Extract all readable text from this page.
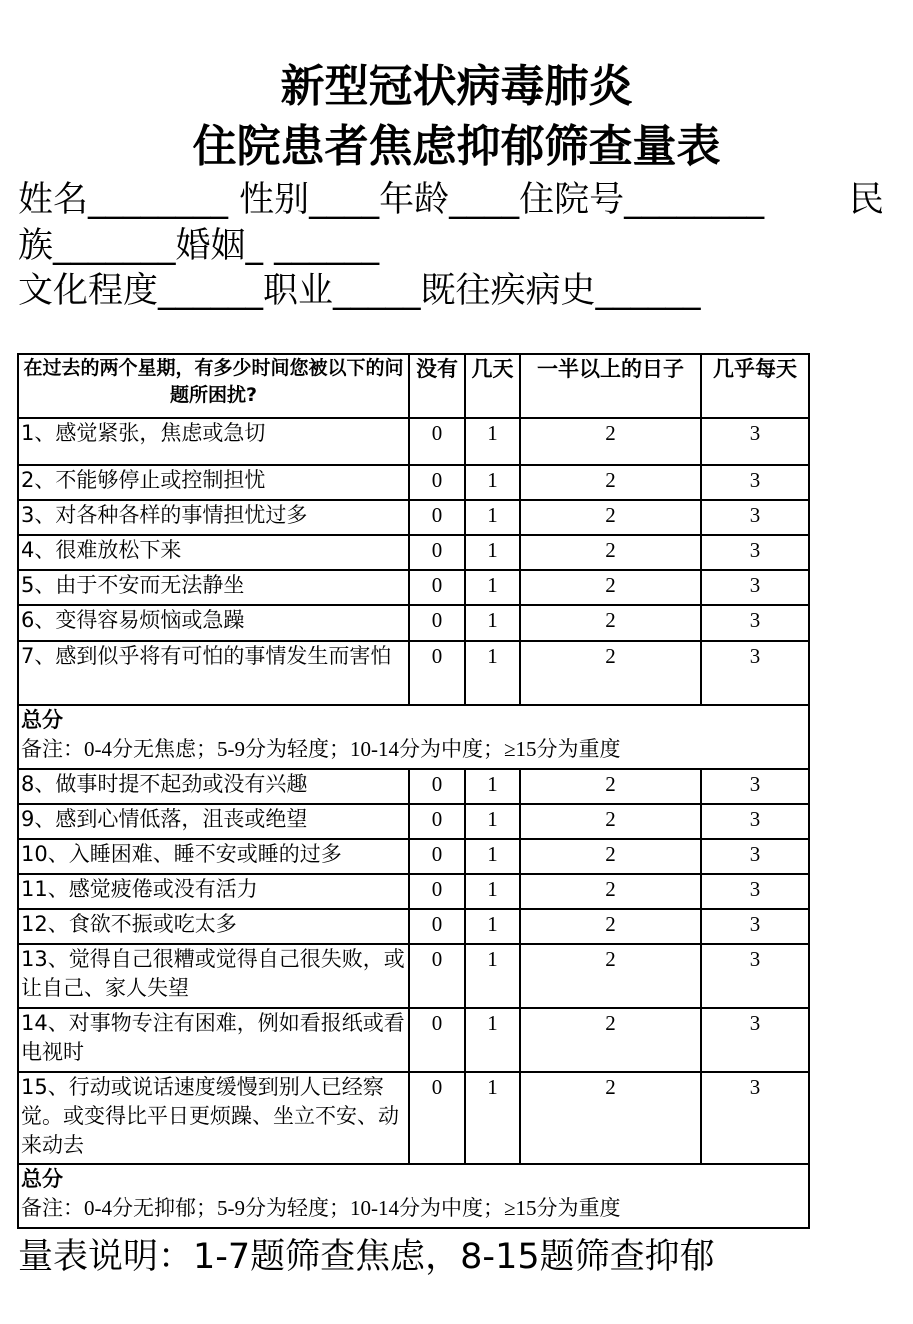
新型冠状病毒肺炎
住院患者焦虑抑郁筛查量表
姓名________ 性别____年龄____住院号________ 民
族_______婚姻_ ______
文化程度______职业_____既往疾病史______
在过去的两个星期，有多少时间您被以下的问题所困扰?	没有	几天	一半以上的日子	几乎每天
1、感觉紧张，焦虑或急切	0	1	2	3
2、不能够停止或控制担忧	0	1	2	3
3、对各种各样的事情担忧过多	0	1	2	3
4、很难放松下来	0	1	2	3
5、由于不安而无法静坐	0	1	2	3
6、变得容易烦恼或急躁	0	1	2	3
7、感到似乎将有可怕的事情发生而害怕	0	1	2	3

总分
备注：0-4分无焦虑；5-9分为轻度；10-14分为中度；≥15分为重度				
8、做事时提不起劲或没有兴趣	0	1	2	3
9、感到心情低落，沮丧或绝望	0	1	2	3
10、入睡困难、睡不安或睡的过多	0	1	2	3
11、感觉疲倦或没有活力	0	1	2	3
12、食欲不振或吃太多	0	1	2	3
13、觉得自己很糟或觉得自己很失败，或让自己、家人失望	0	1	2	3
14、对事物专注有困难，例如看报纸或看电视时	0	1	2	3
15、行动或说话速度缓慢到别人已经察觉。或变得比平日更烦躁、坐立不安、动来动去	0	1	2	3

总分
备注：0-4分无抑郁；5-9分为轻度；10-14分为中度；≥15分为重度				
量表说明：1-7题筛查焦虑，8-15题筛查抑郁
